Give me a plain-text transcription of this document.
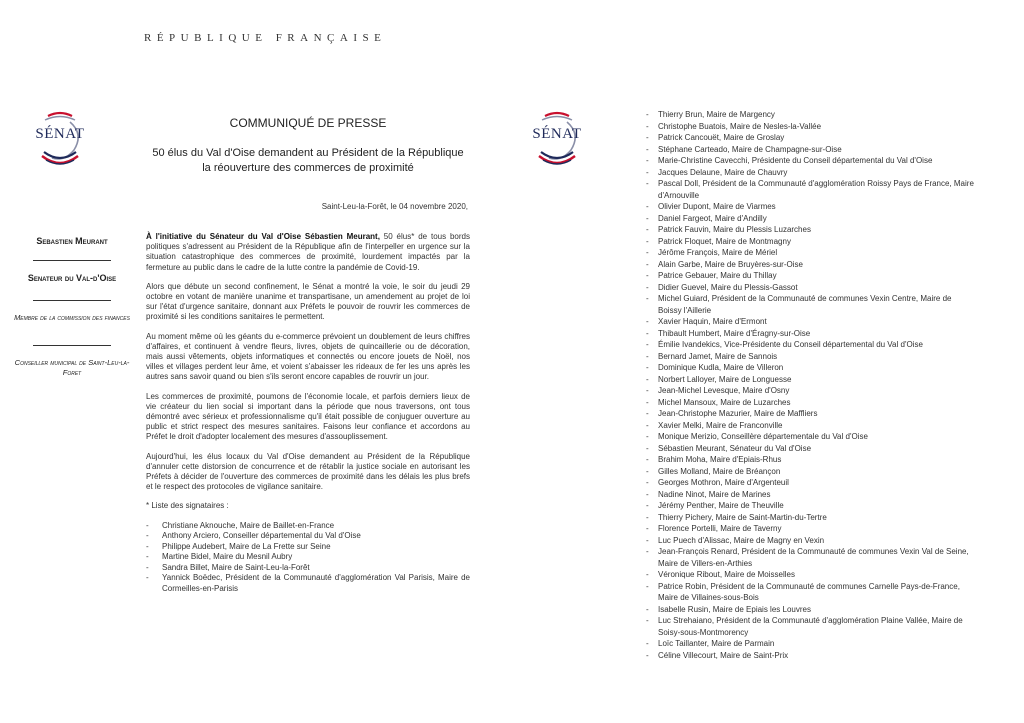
RÉPUBLIQUE FRANÇAISE
SÉNAT	SÉNAT
Sebastien Meurant
Senateur du Val-d'Oise
Membre de la commission des finances
Conseiller municipal de Saint-Leu-la-Foret
COMMUNIQUÉ DE PRESSE
50 élus du Val d'Oise demandent au Président de la République la réouverture des commerces de proximité
Saint-Leu-la-Forêt, le 04 novembre 2020,

À l'initiative du Sénateur du Val d'Oise Sébastien Meurant, 50 élus* de tous bords politiques s'adressent au Président de la République afin de l'interpeller en urgence sur la situation catastrophique des commerces de proximité, lourdement impactés par la fermeture au public dans le cadre de la lutte contre la pandémie de Covid-19.

Alors que débute un second confinement, le Sénat a montré la voie, le soir du jeudi 29 octobre en votant de manière unanime et transpartisane, un amendement au projet de loi sur l'état d'urgence sanitaire, donnant aux Préfets le pouvoir de rouvrir les commerces de proximité si les conditions sanitaires le permettent.

Au moment même où les géants du e-commerce prévoient un doublement de leurs chiffres d'affaires, et continuent à vendre fleurs, livres, objets de quincaillerie ou de décoration, mais aussi vêtements, objets informatiques et connectés ou encore jouets de Noël, nos villes et villages perdent leur âme, et voient s'abaisser les rideaux de fer les uns après les autres sans savoir quand ou bien s'ils seront encore capables de rouvrir un jour.

Les commerces de proximité, poumons de l'économie locale, et parfois derniers lieux de vie créateur du lien social si important dans la période que nous traversons, ont tous démontré avec sérieux et professionnalisme qu'il était possible de conjuguer ouverture au public et strict respect des mesures sanitaires. Faisons leur confiance et accordons au Préfet le droit d'adopter localement des mesures d'assouplissement.

Aujourd'hui, les élus locaux du Val d'Oise demandent au Président de la République d'annuler cette distorsion de concurrence et de rétablir la justice sociale en autorisant les Préfets à décider de l'ouverture des commerces de proximité dans les délais les plus brefs et le respect des protocoles de vigilance sanitaire.

* Liste des signataires :

- Christiane Aknouche, Maire de Baillet-en-France
- Anthony Arciero, Conseiller départemental du Val d'Oise
- Philippe Audebert, Maire de La Frette sur Seine
- Martine Bidel, Maire du Mesnil Aubry
- Sandra Billet, Maire de Saint-Leu-la-Forêt
- Yannick Boëdec, Président de la Communauté d'agglomération Val Parisis, Maire de Cormeilles-en-Parisis
- Thierry Brun, Maire de Margency
- Christophe Buatois, Maire de Nesles-la-Vallée
- Patrick Cancouët, Maire de Groslay
- Stéphane Carteado, Maire de Champagne-sur-Oise
- Marie-Christine Cavecchi, Présidente du Conseil départemental du Val d'Oise
- Jacques Delaune, Maire de Chauvry
- Pascal Doll, Président de la Communauté d'agglomération Roissy Pays de France, Maire d'Arnouville
- Olivier Dupont, Maire de Viarmes
- Daniel Fargeot, Maire d'Andilly
- Patrick Fauvin, Maire du Plessis Luzarches
- Patrick Floquet, Maire de Montmagny
- Jérôme François, Maire de Mériel
- Alain Garbe, Maire de Bruyères-sur-Oise
- Patrice Gebauer, Maire du Thillay
- Didier Guevel, Maire du Plessis-Gassot
- Michel Guiard, Président de la Communauté de communes Vexin Centre, Maire de Boissy l'Aillerie
- Xavier Haquin, Maire d'Ermont
- Thibault Humbert, Maire d'Éragny-sur-Oise
- Émilie Ivandekics, Vice-Présidente du Conseil départemental du Val d'Oise
- Bernard Jamet, Maire de Sannois
- Dominique Kudla, Maire de Villeron
- Norbert Lalloyer, Maire de Longuesse
- Jean-Michel Levesque, Maire d'Osny
- Michel Mansoux, Maire de Luzarches
- Jean-Christophe Mazurier, Maire de Maffliers
- Xavier Melki, Maire de Franconville
- Monique Merizio, Conseillère départementale du Val d'Oise
- Sébastien Meurant, Sénateur du Val d'Oise
- Brahim Moha, Maire d'Epiais-Rhus
- Gilles Molland, Maire de Bréançon
- Georges Mothron, Maire d'Argenteuil
- Nadine Ninot, Maire de Marines
- Jérémy Penther, Maire de Theuville
- Thierry Pichery, Maire de Saint-Martin-du-Tertre
- Florence Portelli, Maire de Taverny
- Luc Puech d'Alissac, Maire de Magny en Vexin
- Jean-François Renard, Président de la Communauté de communes Vexin Val de Seine, Maire de Villers-en-Arthies
- Véronique Ribout, Maire de Moisselles
- Patrice Robin, Président de la Communauté de communes Carnelle Pays-de-France, Maire de Villaines-sous-Bois
- Isabelle Rusin, Maire de Epiais les Louvres
- Luc Strehaiano, Président de la Communauté d'agglomération Plaine Vallée, Maire de Soisy-sous-Montmorency
- Loïc Taillanter, Maire de Parmain
- Céline Villecourt, Maire de Saint-Prix
